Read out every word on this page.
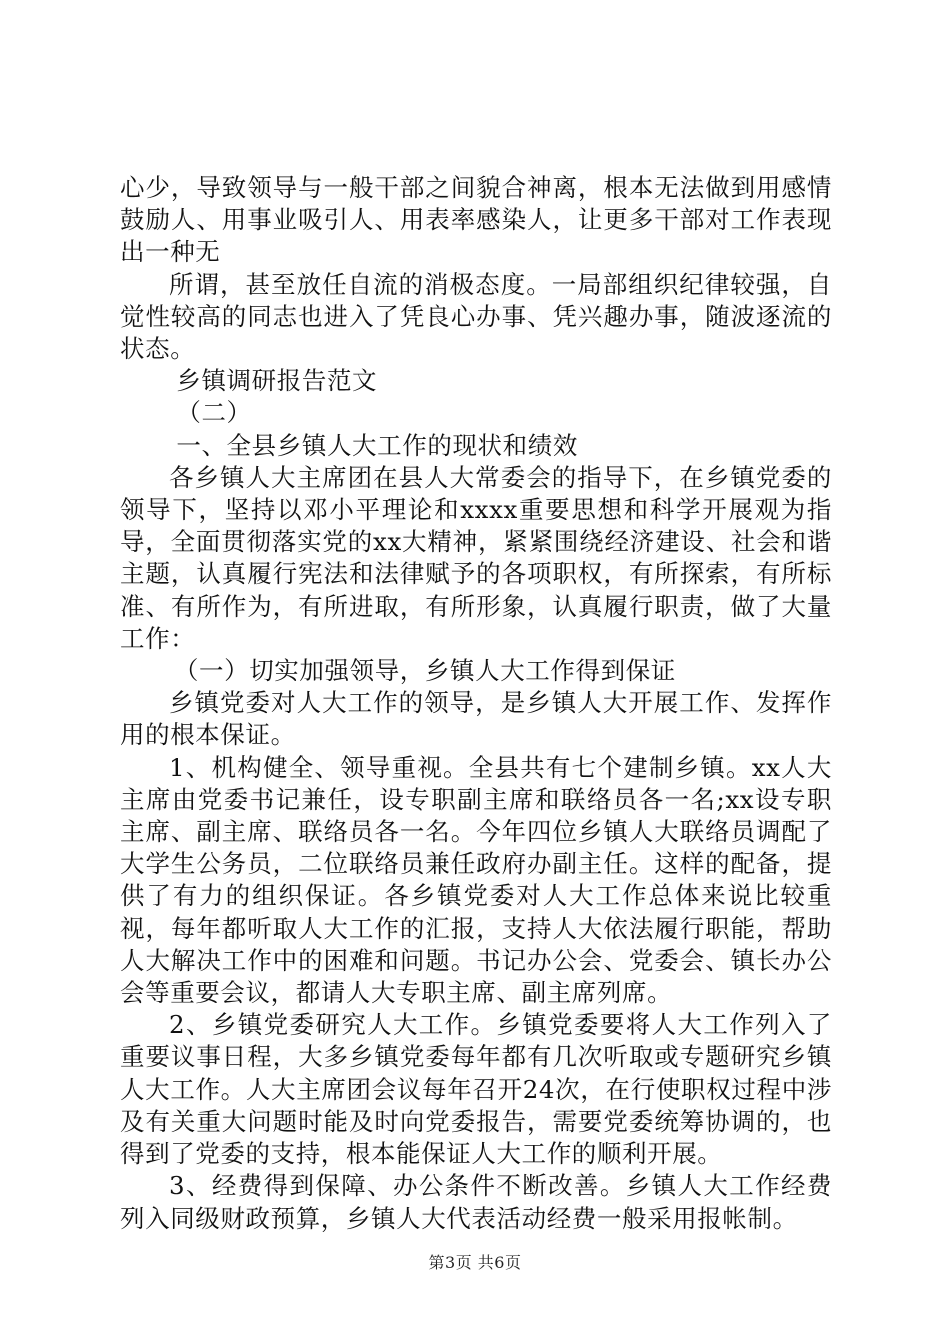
心少，导致领导与一般干部之间貌合神离，根本无法做到用感情鼓励人、用事业吸引人、用表率感染人，让更多干部对工作表现出一种无

所谓，甚至放任自流的消极态度。一局部组织纪律较强，自觉性较高的同志也进入了凭良心办事、凭兴趣办事，随波逐流的状态。

乡镇调研报告范文

（二）

一、全县乡镇人大工作的现状和绩效

各乡镇人大主席团在县人大常委会的指导下，在乡镇党委的领导下，坚持以邓小平理论和xxxx重要思想和科学开展观为指导，全面贯彻落实党的xx大精神，紧紧围绕经济建设、社会和谐主题，认真履行宪法和法律赋予的各项职权，有所探索，有所标准、有所作为，有所进取，有所形象，认真履行职责，做了大量工作：

（一）切实加强领导，乡镇人大工作得到保证

乡镇党委对人大工作的领导，是乡镇人大开展工作、发挥作用的根本保证。

1、机构健全、领导重视。全县共有七个建制乡镇。xx人大主席由党委书记兼任，设专职副主席和联络员各一名;xx设专职主席、副主席、联络员各一名。今年四位乡镇人大联络员调配了大学生公务员，二位联络员兼任政府办副主任。这样的配备，提供了有力的组织保证。各乡镇党委对人大工作总体来说比较重视，每年都听取人大工作的汇报，支持人大依法履行职能，帮助人大解决工作中的困难和问题。书记办公会、党委会、镇长办公会等重要会议，都请人大专职主席、副主席列席。

2、乡镇党委研究人大工作。乡镇党委要将人大工作列入了重要议事日程，大多乡镇党委每年都有几次听取或专题研究乡镇人大工作。人大主席团会议每年召开24次，在行使职权过程中涉及有关重大问题时能及时向党委报告，需要党委统筹协调的，也得到了党委的支持，根本能保证人大工作的顺利开展。

3、经费得到保障、办公条件不断改善。乡镇人大工作经费列入同级财政预算，乡镇人大代表活动经费一般采用报帐制。

第3页 共6页
